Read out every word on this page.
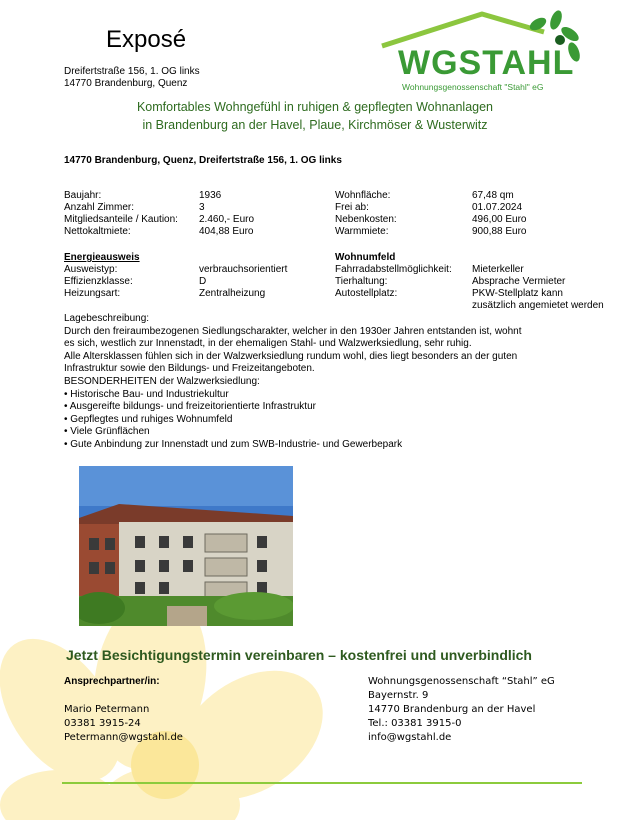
Exposé
Dreifertstraße 156, 1. OG links
14770 Brandenburg, Quenz
WGSTAHL
Wohnungsgenossenschaft "Stahl" eG
Komfortables Wohngefühl in ruhigen & gepflegten Wohnanlagen
in Brandenburg an der Havel, Plaue, Kirchmöser & Wusterwitz
14770 Brandenburg, Quenz, Dreifertstraße 156, 1. OG links
Baujahr:
Anzahl Zimmer:
Mitgliedsanteile / Kaution:
Nettokaltmiete:
1936
3
2.460,- Euro
404,88 Euro
Wohnfläche:
Frei ab:
Nebenkosten:
Warmmiete:
67,48 qm
01.07.2024
496,00 Euro
900,88 Euro
Energieausweis
Ausweistyp:
Effizienzklasse:
Heizungsart:
verbrauchsorientiert
D
Zentralheizung
Wohnumfeld
Fahrradabstellmöglichkeit:
Tierhaltung:
Autostellplatz:
Mieterkeller
Absprache Vermieter
PKW-Stellplatz kann
zusätzlich angemietet werden
Lagebeschreibung:
Durch den freiraumbezogenen Siedlungscharakter, welcher in den 1930er Jahren entstanden ist, wohnt
es sich, westlich zur Innenstadt, in der ehemaligen Stahl- und Walzwerksiedlung, sehr ruhig.
Alle Altersklassen fühlen sich in der Walzwerksiedlung rundum wohl, dies liegt besonders an der guten
Infrastruktur sowie den Bildungs- und Freizeitangeboten.
BESONDERHEITEN der Walzwerksiedlung:
• Historische Bau- und Industriekultur
• Ausgereifte bildungs- und freizeitorientierte Infrastruktur
• Gepflegtes und ruhiges Wohnumfeld
• Viele Grünflächen
• Gute Anbindung zur Innenstadt und zum SWB-Industrie- und Gewerbepark
Jetzt Besichtigungstermin vereinbaren – kostenfrei und unverbindlich
Ansprechpartner/in:
Mario Petermann
03381 3915-24
Petermann@wgstahl.de
Wohnungsgenossenschaft “Stahl” eG
Bayernstr. 9
14770 Brandenburg an der Havel
Tel.: 03381 3915-0
info@wgstahl.de
